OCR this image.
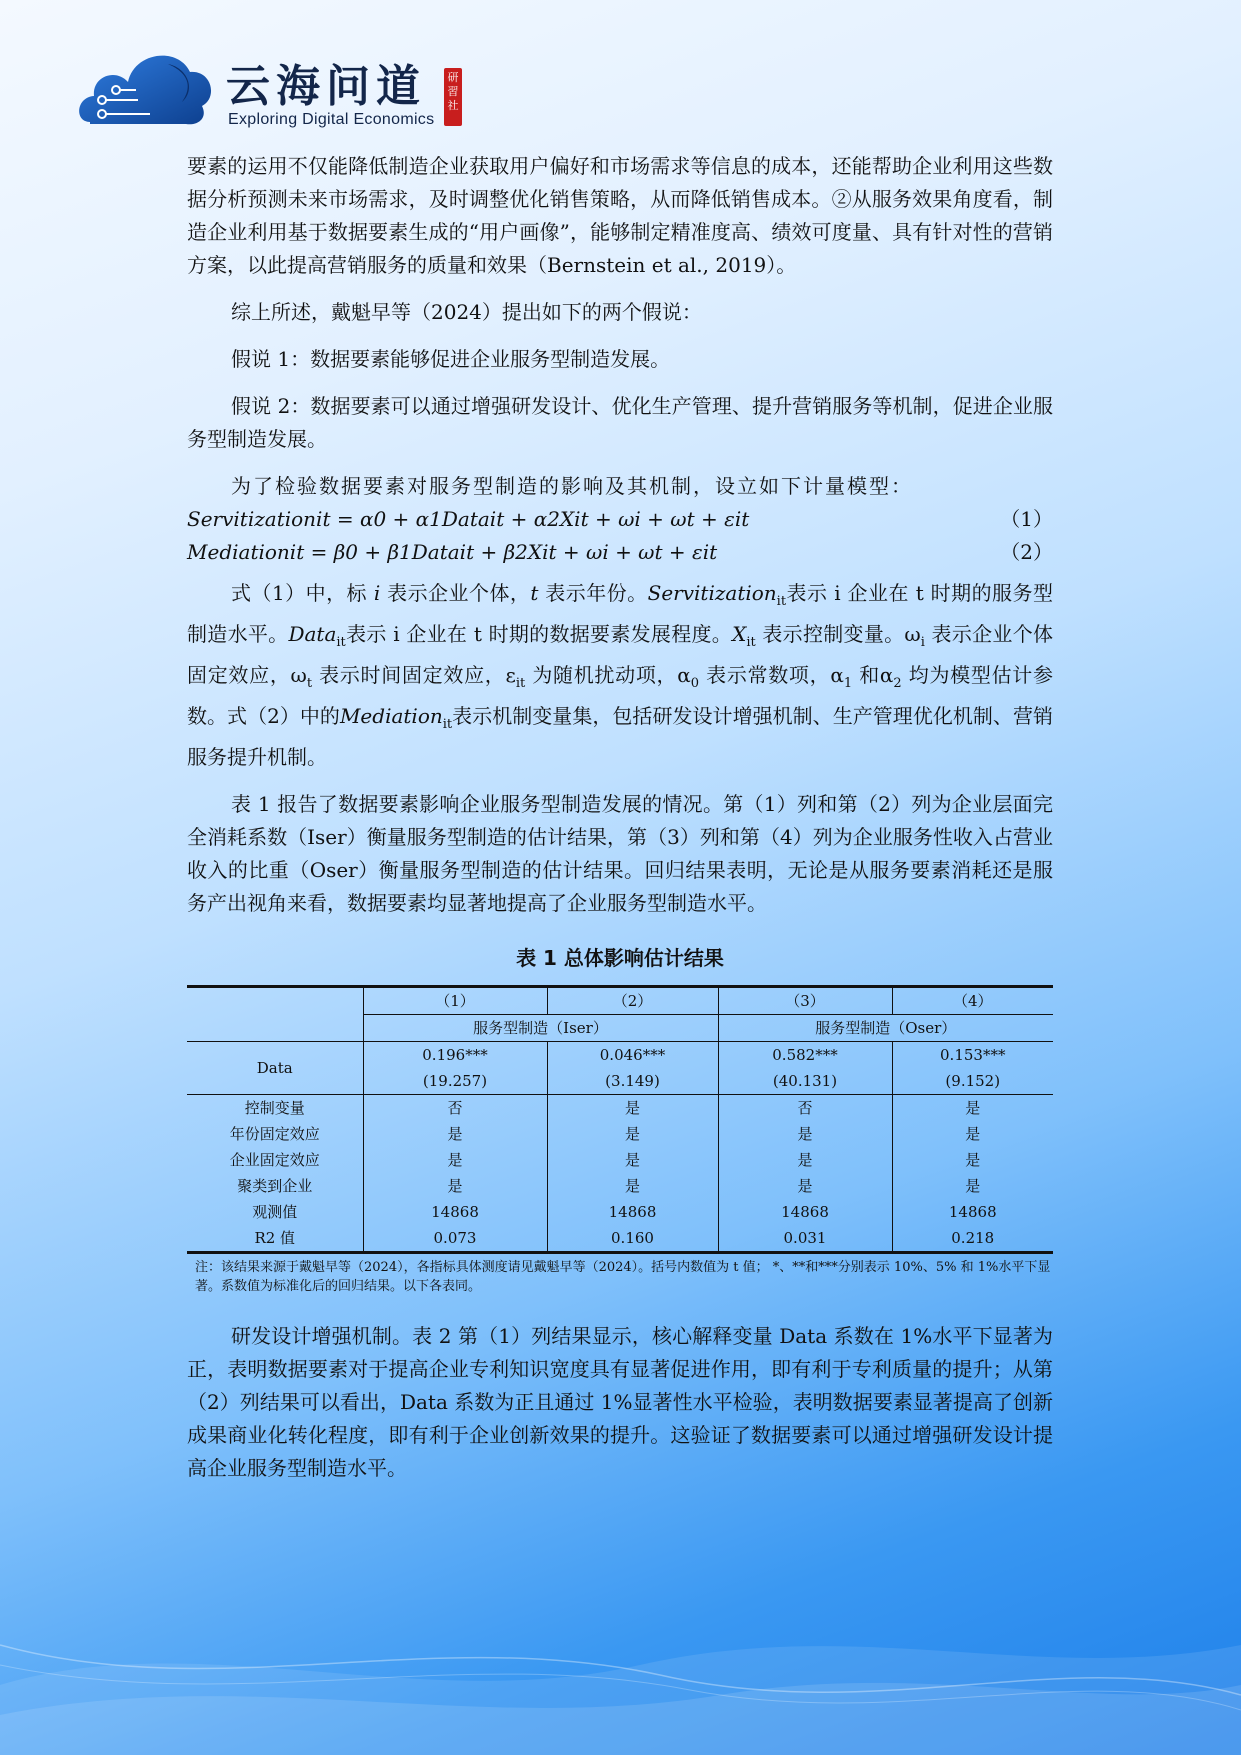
云海问道
Exploring Digital Economics
研習社

要素的运用不仅能降低制造企业获取用户偏好和市场需求等信息的成本，还能帮助企业利用这些数据分析预测未来市场需求，及时调整优化销售策略，从而降低销售成本。②从服务效果角度看，制造企业利用基于数据要素生成的“用户画像”，能够制定精准度高、绩效可度量、具有针对性的营销方案，以此提高营销服务的质量和效果（Bernstein et al., 2019）。

综上所述，戴魁早等（2024）提出如下的两个假说：

假说 1：数据要素能够促进企业服务型制造发展。

假说 2：数据要素可以通过增强研发设计、优化生产管理、提升营销服务等机制，促进企业服务型制造发展。

为了检验数据要素对服务型制造的影响及其机制，设立如下计量模型：

Servitizationit = α0 + α1Datait + α2Xit + ωi + ωt + εit	（1）
Mediationit = β0 + β1Datait + β2Xit + ωi + ωt + εit	（2）

式（1）中，标 i 表示企业个体，t 表示年份。Servitization$_{it}$表示 i 企业在 t 时期的服务型制造水平。Data$_{it}$表示 i 企业在 t 时期的数据要素发展程度。$X_{it}$ 表示控制变量。$\omega_i$ 表示企业个体固定效应，$\omega_t$ 表示时间固定效应，$\varepsilon_{it}$ 为随机扰动项，$\alpha_0$ 表示常数项，$\alpha_1$ 和$\alpha_2$ 均为模型估计参数。式（2）中的Mediation$_{it}$表示机制变量集，包括研发设计增强机制、生产管理优化机制、营销服务提升机制。

表 1 报告了数据要素影响企业服务型制造发展的情况。第（1）列和第（2）列为企业层面完全消耗系数（Iser）衡量服务型制造的估计结果，第（3）列和第（4）列为企业服务性收入占营业收入的比重（Oser）衡量服务型制造的估计结果。回归结果表明，无论是从服务要素消耗还是服务产出视角来看，数据要素均显著地提高了企业服务型制造水平。

表 1 总体影响估计结果
	（1）	（2）	（3）	（4）
	服务型制造（Iser）		服务型制造（Oser）	
Data	0.196***	0.046***	0.582***	0.153***
	(19.257)	(3.149)	(40.131)	(9.152)
控制变量	否	是	否	是
年份固定效应	是	是	是	是
企业固定效应	是	是	是	是
聚类到企业	是	是	是	是
观测值	14868	14868	14868	14868
R2 值	0.073	0.160	0.031	0.218
注：该结果来源于戴魁早等（2024），各指标具体测度请见戴魁早等（2024）。括号内数值为 t 值； *、**和***分别表示 10%、5% 和 1%水平下显著。系数值为标准化后的回归结果。以下各表同。

研发设计增强机制。表 2 第（1）列结果显示，核心解释变量 Data 系数在 1%水平下显著为正，表明数据要素对于提高企业专利知识宽度具有显著促进作用，即有利于专利质量的提升；从第（2）列结果可以看出，Data 系数为正且通过 1%显著性水平检验，表明数据要素显著提高了创新成果商业化转化程度，即有利于企业创新效果的提升。这验证了数据要素可以通过增强研发设计提高企业服务型制造水平。
